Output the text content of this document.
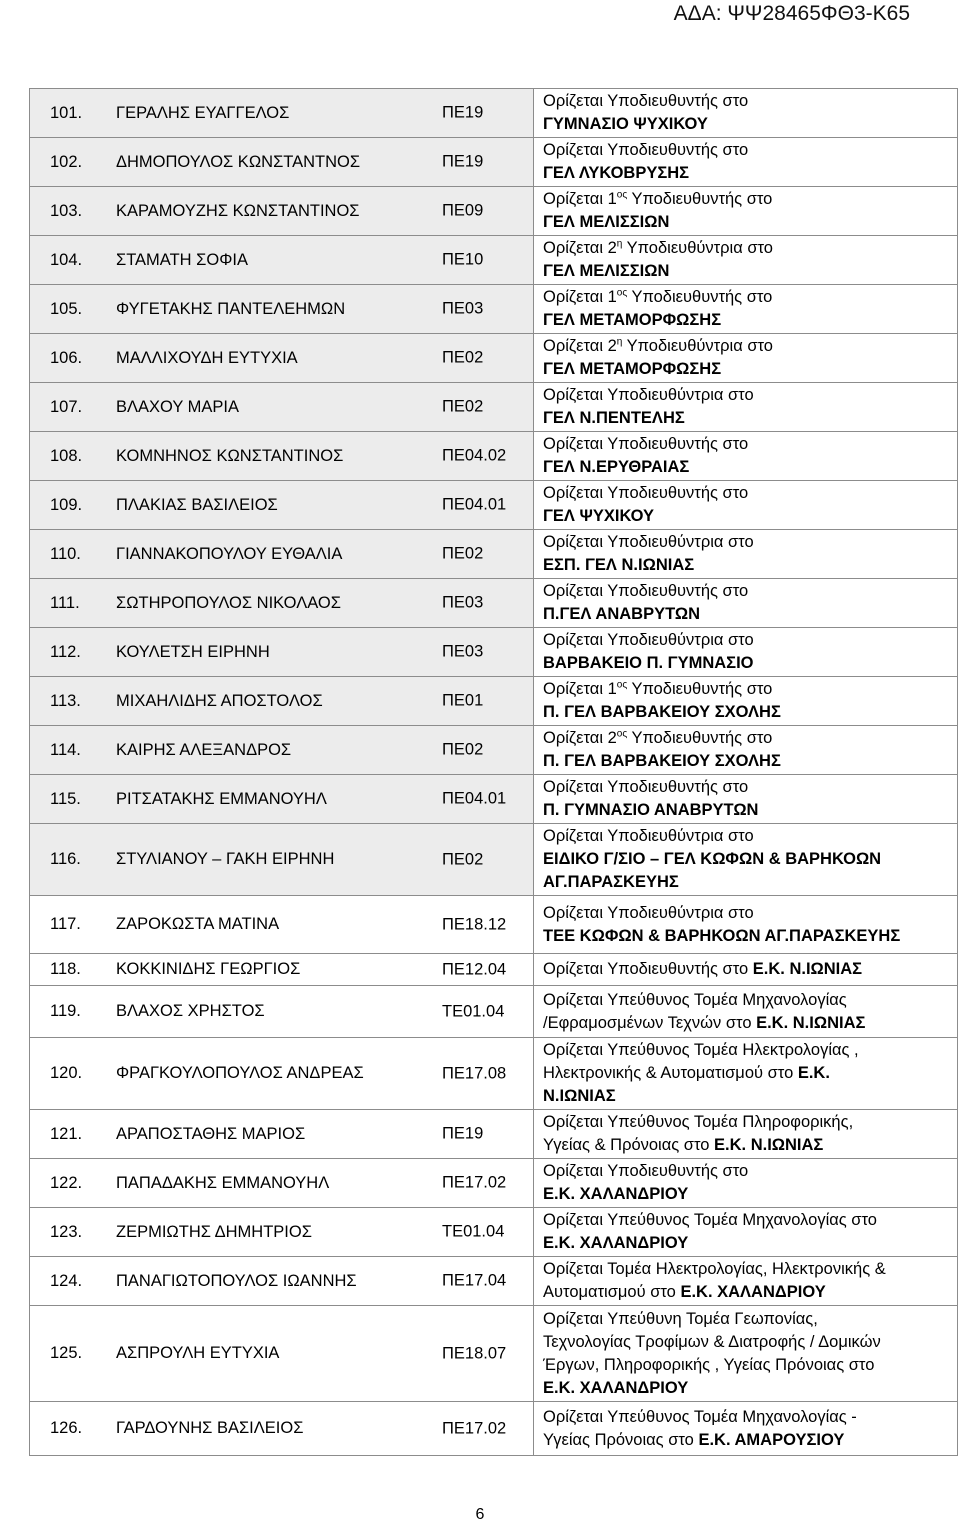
ΑΔΑ: ΨΨ28465ΦΘ3-Κ65
101. ΓΕΡΑΛΗΣ ΕΥΑΓΓΕΛΟΣ ΠΕ19	Ορίζεται Υποδιευθυντής στο
ΓΥΜΝΑΣΙΟ ΨΥΧΙΚΟΥ

102. ΔΗΜΟΠΟΥΛΟΣ ΚΩΝΣΤΑΝΤΝΟΣ ΠΕ19	Ορίζεται Υποδιευθυντής στο
ΓΕΛ ΛΥΚΟΒΡΥΣΗΣ

103. ΚΑΡΑΜΟΥΖΗΣ ΚΩΝΣΤΑΝΤΙΝΟΣ ΠΕ09	Ορίζεται $1^{o\varsigma}$ Υποδιευθυντής στο
ΓΕΛ ΜΕΛΙΣΣΙΩΝ

104. ΣΤΑΜΑΤΗ ΣΟΦΙΑ ΠΕ10	Ορίζεται $2^\eta$ Υποδιευθύντρια στο
ΓΕΛ ΜΕΛΙΣΣΙΩΝ

105. ΦΥΓΕΤΑΚΗΣ ΠΑΝΤΕΛΕΗΜΩΝ ΠΕ03	Ορίζεται $1^{o\varsigma}$ Υποδιευθυντής στο
ΓΕΛ ΜΕΤΑΜΟΡΦΩΣΗΣ

106. ΜΑΛΛΙΧΟΥΔΗ ΕΥΤΥΧΙΑ ΠΕ02	Ορίζεται $2^\eta$ Υποδιευθύντρια στο
ΓΕΛ ΜΕΤΑΜΟΡΦΩΣΗΣ

107. ΒΛΑΧΟΥ ΜΑΡΙΑ ΠΕ02	Ορίζεται Υποδιευθύντρια στο
ΓΕΛ Ν.ΠΕΝΤΕΛΗΣ

108. ΚΟΜΝΗΝΟΣ ΚΩΝΣΤΑΝΤΙΝΟΣ ΠΕ04.02	Ορίζεται Υποδιευθυντής στο
ΓΕΛ Ν.ΕΡΥΘΡΑΙΑΣ

109. ΠΛΑΚΙΑΣ ΒΑΣΙΛΕΙΟΣ ΠΕ04.01	Ορίζεται Υποδιευθυντής στο
ΓΕΛ ΨΥΧΙΚΟΥ

110. ΓΙΑΝΝΑΚΟΠΟΥΛΟΥ ΕΥΘΑΛΙΑ ΠΕ02	Ορίζεται Υποδιευθύντρια στο
ΕΣΠ. ΓΕΛ Ν.ΙΩΝΙΑΣ

111. ΣΩΤΗΡΟΠΟΥΛΟΣ ΝΙΚΟΛΑΟΣ ΠΕ03	Ορίζεται Υποδιευθυντής στο
Π.ΓΕΛ ΑΝΑΒΡΥΤΩΝ

112. ΚΟΥΛΕΤΣΗ ΕΙΡΗΝΗ ΠΕ03	Ορίζεται Υποδιευθύντρια στο
ΒΑΡΒΑΚΕΙΟ Π. ΓΥΜΝΑΣΙΟ

113. ΜΙΧΑΗΛΙΔΗΣ ΑΠΟΣΤΟΛΟΣ ΠΕ01	Ορίζεται $1^{o\varsigma}$ Υποδιευθυντής στο
Π. ΓΕΛ ΒΑΡΒΑΚΕΙΟΥ ΣΧΟΛΗΣ

114. ΚΑΙΡΗΣ ΑΛΕΞΑΝΔΡΟΣ ΠΕ02	Ορίζεται $2^{o\varsigma}$ Υποδιευθυντής στο
Π. ΓΕΛ ΒΑΡΒΑΚΕΙΟΥ ΣΧΟΛΗΣ

115. ΡΙΤΣΑΤΑΚΗΣ ΕΜΜΑΝΟΥΗΛ ΠΕ04.01	Ορίζεται Υποδιευθυντής στο
Π. ΓΥΜΝΑΣΙΟ ΑΝΑΒΡΥΤΩΝ

116. ΣΤΥΛΙΑΝΟΥ – ΓΑΚΗ ΕΙΡΗΝΗ ΠΕ02	Ορίζεται Υποδιευθύντρια στο
ΕΙΔΙΚΟ Γ/ΣΙΟ – ΓΕΛ ΚΩΦΩΝ & ΒΑΡΗΚΟΩΝ
ΑΓ.ΠΑΡΑΣΚΕΥΗΣ

117. ΖΑΡΟΚΩΣΤΑ ΜΑΤΙΝΑ ΠΕ18.12	Ορίζεται Υποδιευθύντρια στο
ΤΕΕ ΚΩΦΩΝ & ΒΑΡΗΚΟΩΝ ΑΓ.ΠΑΡΑΣΚΕΥΗΣ

118. ΚΟΚΚΙΝΙΔΗΣ ΓΕΩΡΓΙΟΣ ΠΕ12.04	Ορίζεται Υποδιευθυντής στο Ε.Κ. Ν.ΙΩΝΙΑΣ

119. ΒΛΑΧΟΣ ΧΡΗΣΤΟΣ ΤΕ01.04	Ορίζεται Υπεύθυνος Τομέα Μηχανολογίας
/Εφραμοσμένων Τεχνών στο Ε.Κ. Ν.ΙΩΝΙΑΣ

120. ΦΡΑΓΚΟΥΛΟΠΟΥΛΟΣ ΑΝΔΡΕΑΣ ΠΕ17.08	Ορίζεται Υπεύθυνος Τομέα Ηλεκτρολογίας ,
Ηλεκτρονικής & Αυτοματισμού στο Ε.Κ.
Ν.ΙΩΝΙΑΣ

121. ΑΡΑΠΟΣΤΑΘΗΣ ΜΑΡΙΟΣ ΠΕ19	Ορίζεται Υπεύθυνος Τομέα Πληροφορικής,
Υγείας & Πρόνοιας στο Ε.Κ. Ν.ΙΩΝΙΑΣ

122. ΠΑΠΑΔΑΚΗΣ ΕΜΜΑΝΟΥΗΛ ΠΕ17.02	Ορίζεται Υποδιευθυντής στο
Ε.Κ. ΧΑΛΑΝΔΡΙΟΥ

123. ΖΕΡΜΙΩΤΗΣ ΔΗΜΗΤΡΙΟΣ ΤΕ01.04	Ορίζεται Υπεύθυνος Τομέα Μηχανολογίας στο
Ε.Κ. ΧΑΛΑΝΔΡΙΟΥ

124. ΠΑΝΑΓΙΩΤΟΠΟΥΛΟΣ ΙΩΑΝΝΗΣ ΠΕ17.04	Ορίζεται Τομέα Ηλεκτρολογίας, Ηλεκτρονικής &
Αυτοματισμού στο Ε.Κ. ΧΑΛΑΝΔΡΙΟΥ

125. ΑΣΠΡΟΥΛΗ ΕΥΤΥΧΙΑ ΠΕ18.07	Ορίζεται Υπεύθυνη Τομέα Γεωπονίας,
Τεχνολογίας Τροφίμων & Διατροφής / Δομικών
Έργων, Πληροφορικής , Υγείας Πρόνοιας στο
Ε.Κ. ΧΑΛΑΝΔΡΙΟΥ

126. ΓΑΡΔΟΥΝΗΣ ΒΑΣΙΛΕΙΟΣ ΠΕ17.02	Ορίζεται Υπεύθυνος Τομέα Μηχανολογίας -
Υγείας Πρόνοιας στο Ε.Κ. ΑΜΑΡΟΥΣΙΟΥ
6
